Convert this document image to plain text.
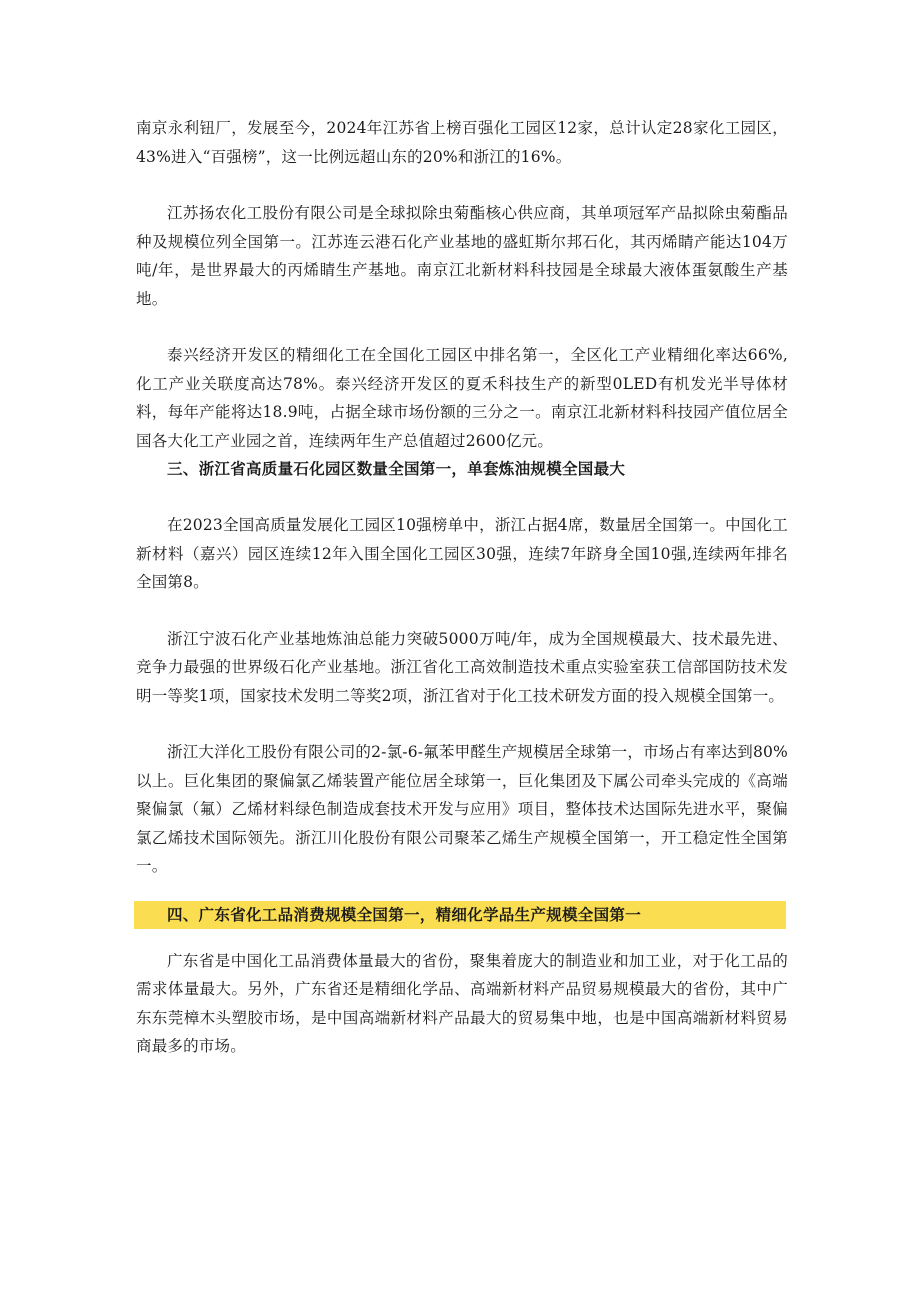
南京永利钮厂，发展至今，2024年江苏省上榜百强化工园区12家，总计认定28家化工园区，43%进入“百强榜”，这一比例远超山东的20%和浙江的16%。

江苏扬农化工股份有限公司是全球拟除虫菊酯核心供应商，其单项冠军产品拟除虫菊酯品种及规模位列全国第一。江苏连云港石化产业基地的盛虹斯尔邦石化，其丙烯睛产能达104万吨/年，是世界最大的丙烯睛生产基地。南京江北新材料科技园是全球最大液体蛋氨酸生产基地。

泰兴经济开发区的精细化工在全国化工园区中排名第一，全区化工产业精细化率达66%,化工产业关联度高达78%。泰兴经济开发区的夏禾科技生产的新型0LED有机发光半导体材料，每年产能将达18.9吨，占据全球市场份额的三分之一。南京江北新材料科技园产值位居全国各大化工产业园之首，连续两年生产总值超过2600亿元。

三、浙江省高质量石化园区数量全国第一，单套炼油规模全国最大

在2023全国高质量发展化工园区10强榜单中，浙江占据4席，数量居全国第一。中国化工新材料（嘉兴）园区连续12年入围全国化工园区30强，连续7年跻身全国10强,连续两年排名全国第8。

浙江宁波石化产业基地炼油总能力突破5000万吨/年，成为全国规模最大、技术最先进、竞争力最强的世界级石化产业基地。浙江省化工高效制造技术重点实验室获工信部国防技术发明一等奖1项，国家技术发明二等奖2项，浙江省对于化工技术研发方面的投入规模全国第一。

浙江大洋化工股份有限公司的2-氯-6-氟苯甲醛生产规模居全球第一，市场占有率达到80%以上。巨化集团的聚偏氯乙烯装置产能位居全球第一，巨化集团及下属公司牵头完成的《高端聚偏氯（氟）乙烯材料绿色制造成套技术开发与应用》项目，整体技术达国际先进水平，聚偏氯乙烯技术国际领先。浙江川化股份有限公司聚苯乙烯生产规模全国第一，开工稳定性全国第一。

四、广东省化工品消费规模全国第一，精细化学品生产规模全国第一

广东省是中国化工品消费体量最大的省份，聚集着庞大的制造业和加工业，对于化工品的需求体量最大。另外，广东省还是精细化学品、高端新材料产品贸易规模最大的省份，其中广东东莞樟木头塑胶市场，是中国高端新材料产品最大的贸易集中地，也是中国高端新材料贸易商最多的市场。
